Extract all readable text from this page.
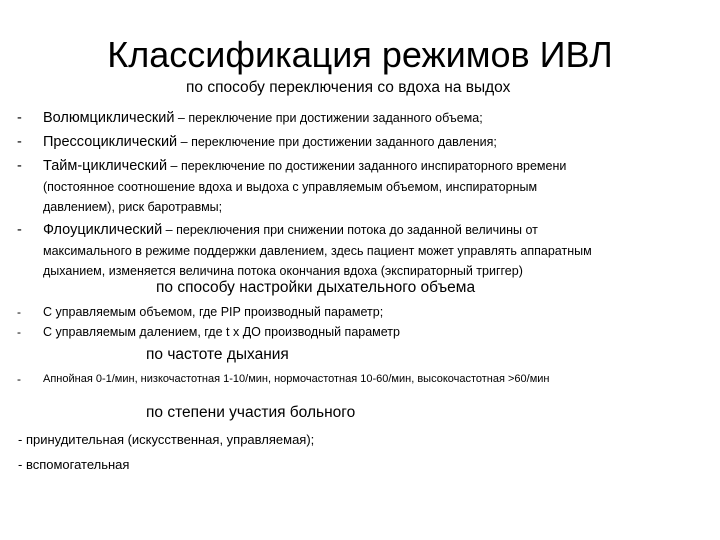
Классификация режимов ИВЛ
по способу переключения со вдоха на выдох
- Волюмциклический – переключение при достижении заданного объема;
- Прессоциклический – переключение при достижении заданного давления;
- Тайм-циклический – переключение по достижении заданного инспираторного времени
(постоянное соотношение вдоха и выдоха с управляемым объемом, инспираторным
давлением), риск баротравмы;
- Флоуциклический – переключения при снижении потока до заданной величины от
максимального в режиме поддержки давлением, здесь пациент может управлять аппаратным
дыханием, изменяется величина потока окончания вдоха (экспираторный триггер)
по способу настройки дыхательного объема
- С управляемым объемом, где PIP производный параметр;
- С управляемым далением, где t x ДО производный параметр
по частоте дыхания
- Апнойная 0-1/мин, низкочастотная 1-10/мин, нормочастотная 10-60/мин, высокочастотная >60/мин
по степени участия больного
- принудительная (искусственная, управляемая);
- вспомогательная
